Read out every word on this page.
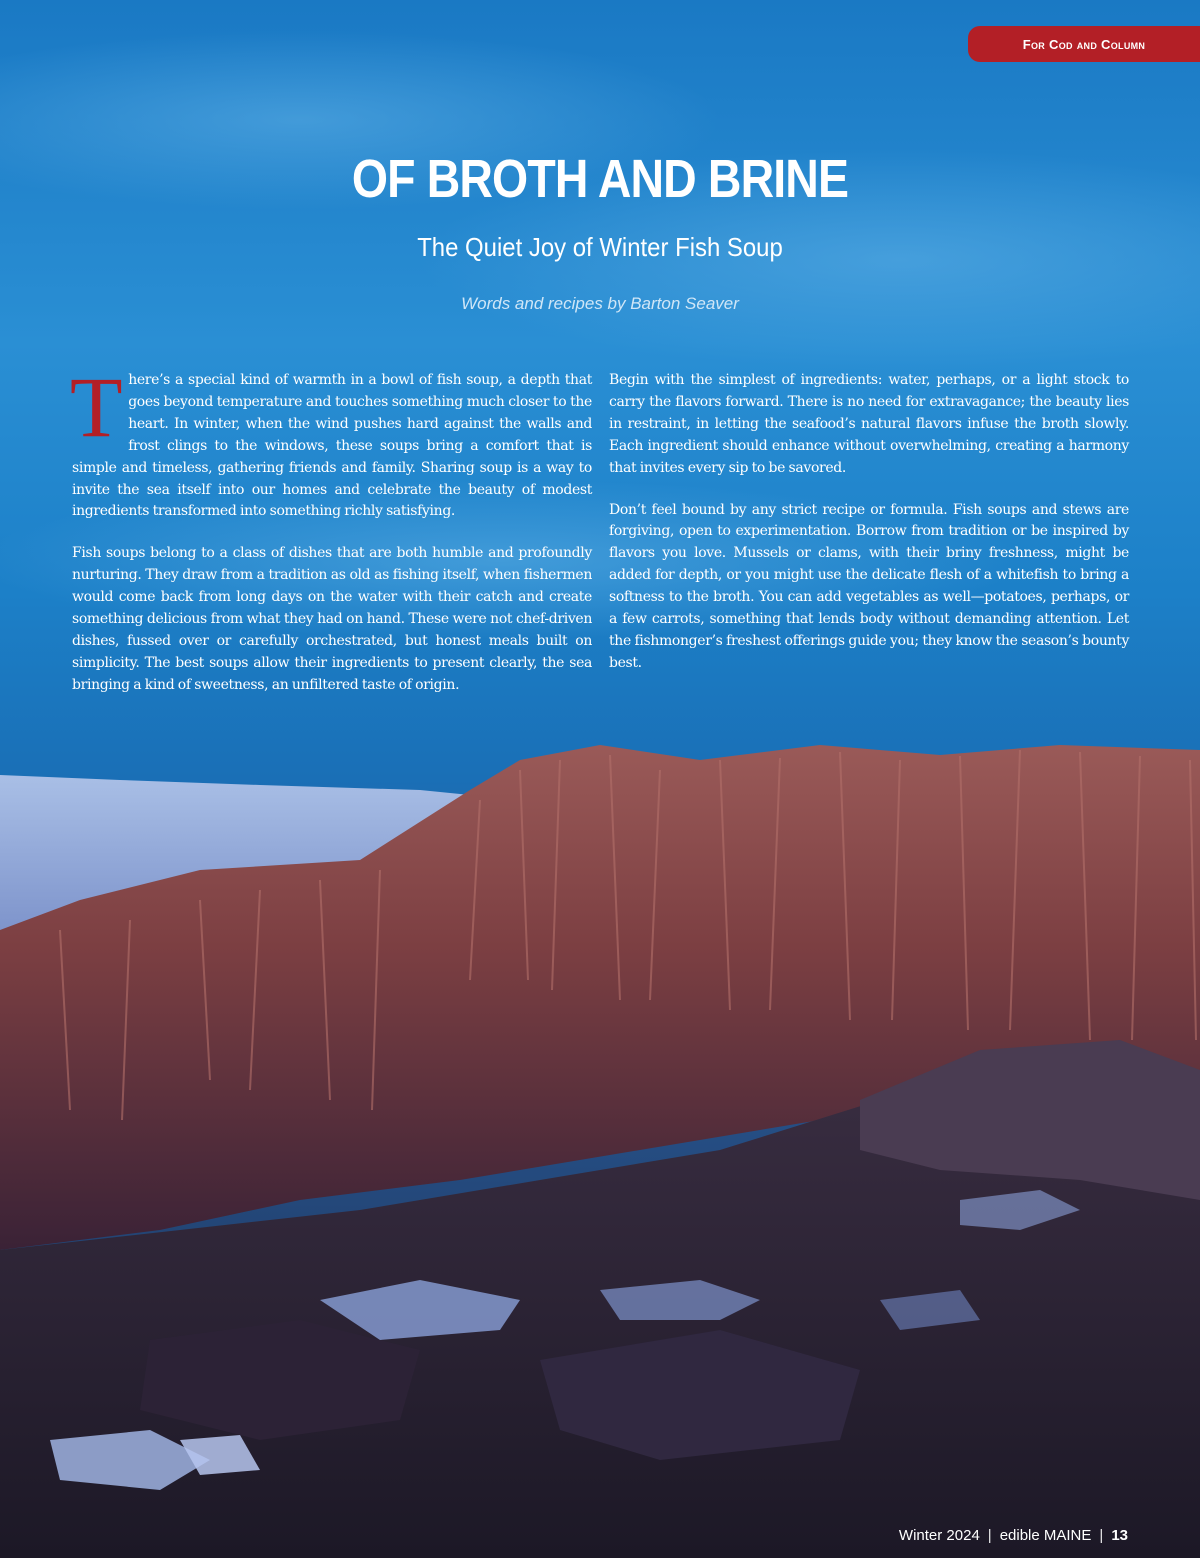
For Cod and Column
OF BROTH AND BRINE
The Quiet Joy of Winter Fish Soup
Words and recipes by Barton Seaver

There’s a special kind of warmth in a bowl of fish soup, a depth that goes beyond temperature and touches something much closer to the heart. In winter, when the wind pushes hard against the walls and frost clings to the windows, these soups bring a comfort that is simple and timeless, gathering friends and family. Sharing soup is a way to invite the sea itself into our homes and celebrate the beauty of modest ingredients transformed into something richly satisfying.

Fish soups belong to a class of dishes that are both humble and profoundly nurturing. They draw from a tradition as old as fishing itself, when fishermen would come back from long days on the water with their catch and create something delicious from what they had on hand. These were not chef-driven dishes, fussed over or carefully orchestrated, but honest meals built on simplicity. The best soups allow their ingredients to present clearly, the sea bringing a kind of sweetness, an unfiltered taste of origin.

Begin with the simplest of ingredients: water, perhaps, or a light stock to carry the flavors forward. There is no need for extravagance; the beauty lies in restraint, in letting the seafood’s natural flavors infuse the broth slowly. Each ingredient should enhance without overwhelming, creating a harmony that invites every sip to be savored.

Don’t feel bound by any strict recipe or formula. Fish soups and stews are forgiving, open to experimentation. Borrow from tradition or be inspired by flavors you love. Mussels or clams, with their briny freshness, might be added for depth, or you might use the delicate flesh of a whitefish to bring a softness to the broth. You can add vegetables as well—potatoes, perhaps, or a few carrots, something that lends body without demanding attention. Let the fishmonger’s freshest offerings guide you; they know the season’s bounty best.

Winter 2024 | edible MAINE | 13
